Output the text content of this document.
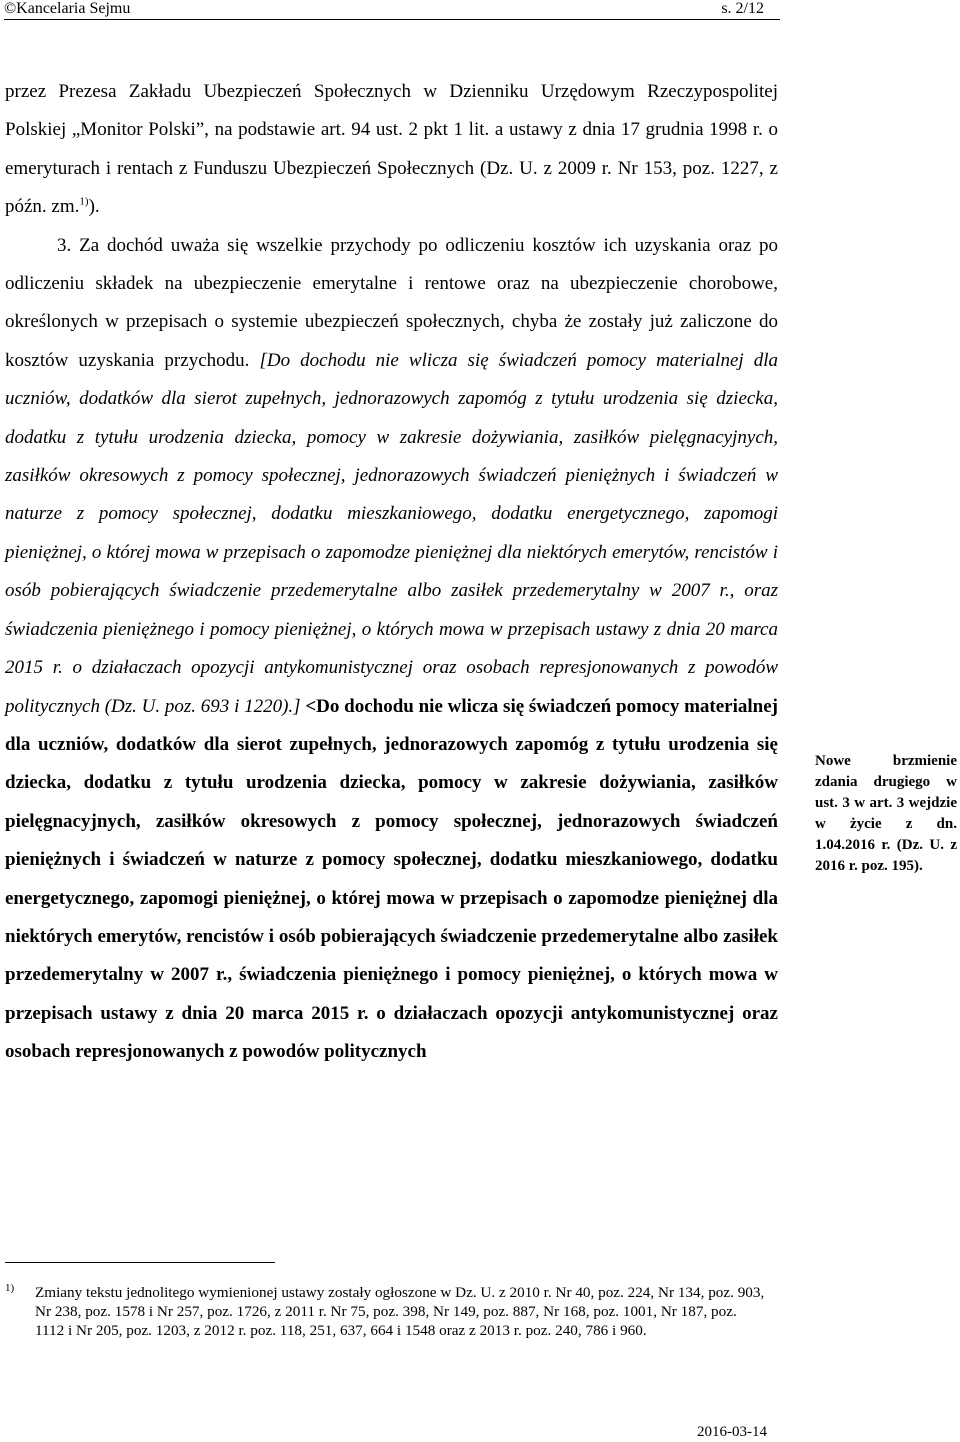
©Kancelaria Sejmu	s. 2/12

przez Prezesa Zakładu Ubezpieczeń Społecznych w Dzienniku Urzędowym Rzeczypospolitej Polskiej „Monitor Polski”, na podstawie art. 94 ust. 2 pkt 1 lit. a ustawy z dnia 17 grudnia 1998 r. o emeryturach i rentach z Funduszu Ubezpieczeń Społecznych (Dz. U. z 2009 r. Nr 153, poz. 1227, z późn. zm.$^{1)}$).

3. Za dochód uważa się wszelkie przychody po odliczeniu kosztów ich uzyskania oraz po odliczeniu składek na ubezpieczenie emerytalne i rentowe oraz na ubezpieczenie chorobowe, określonych w przepisach o systemie ubezpieczeń społecznych, chyba że zostały już zaliczone do kosztów uzyskania przychodu. [Do dochodu nie wlicza się świadczeń pomocy materialnej dla uczniów, dodatków dla sierot zupełnych, jednorazowych zapomóg z tytułu urodzenia się dziecka, dodatku z tytułu urodzenia dziecka, pomocy w zakresie dożywiania, zasiłków pielęgnacyjnych, zasiłków okresowych z pomocy społecznej, jednorazowych świadczeń pieniężnych i świadczeń w naturze z pomocy społecznej, dodatku mieszkaniowego, dodatku energetycznego, zapomogi pieniężnej, o której mowa w przepisach o zapomodze pieniężnej dla niektórych emerytów, rencistów i osób pobierających świadczenie przedemerytalne albo zasiłek przedemerytalny w 2007 r., oraz świadczenia pieniężnego i pomocy pieniężnej, o których mowa w przepisach ustawy z dnia 20 marca 2015 r. o działaczach opozycji antykomunistycznej oraz osobach represjonowanych z powodów politycznych (Dz. U. poz. 693 i 1220).] <Do dochodu nie wlicza się świadczeń pomocy materialnej dla uczniów, dodatków dla sierot zupełnych, jednorazowych zapomóg z tytułu urodzenia się dziecka, dodatku z tytułu urodzenia dziecka, pomocy w zakresie dożywiania, zasiłków pielęgnacyjnych, zasiłków okresowych z pomocy społecznej, jednorazowych świadczeń pieniężnych i świadczeń w naturze z pomocy społecznej, dodatku mieszkaniowego, dodatku energetycznego, zapomogi pieniężnej, o której mowa w przepisach o zapomodze pieniężnej dla niektórych emerytów, rencistów i osób pobierających świadczenie przedemerytalne albo zasiłek przedemerytalny w 2007 r., świadczenia pieniężnego i pomocy pieniężnej, o których mowa w przepisach ustawy z dnia 20 marca 2015 r. o działaczach opozycji antykomunistycznej oraz osobach represjonowanych z powodów politycznych

Nowe brzmienie zdania drugiego w ust. 3 w art. 3 wejdzie w życie z dn. 1.04.2016 r. (Dz. U. z 2016 r. poz. 195).
1) Zmiany tekstu jednolitego wymienionej ustawy zostały ogłoszone w Dz. U. z 2010 r. Nr 40, poz. 224, Nr 134, poz. 903, Nr 238, poz. 1578 i Nr 257, poz. 1726, z 2011 r. Nr 75, poz. 398, Nr 149, poz. 887, Nr 168, poz. 1001, Nr 187, poz. 1112 i Nr 205, poz. 1203, z 2012 r. poz. 118, 251, 637, 664 i 1548 oraz z 2013 r. poz. 240, 786 i 960.
2016-03-14
